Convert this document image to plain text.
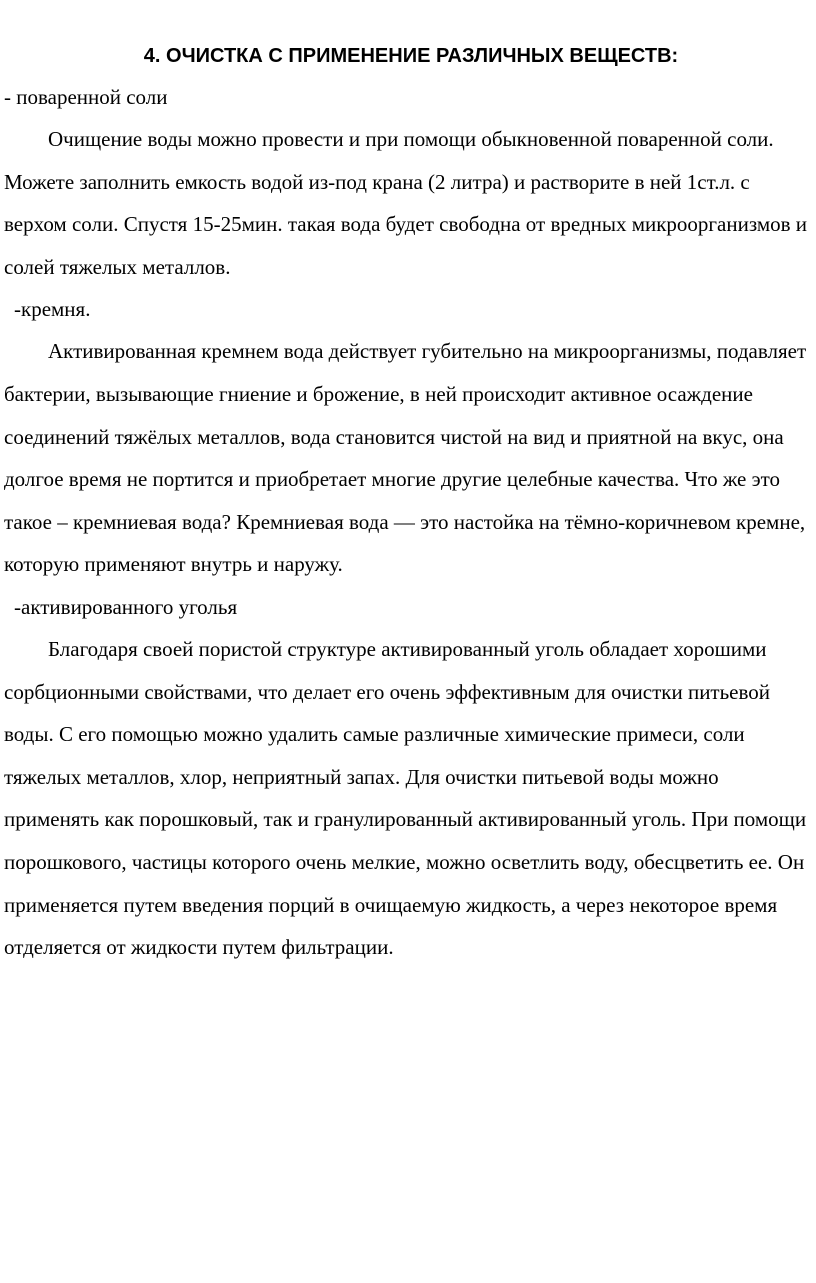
4. ОЧИСТКА С ПРИМЕНЕНИЕ РАЗЛИЧНЫХ ВЕЩЕСТВ:

- поваренной соли

Очищение воды можно провести и при помощи обыкновенной поваренной соли. Можете заполнить емкость водой из-под крана (2 литра) и растворите в ней 1ст.л. с верхом соли. Спустя 15-25мин. такая вода будет свободна от вредных микроорганизмов и солей тяжелых металлов.

-кремня.

Активированная кремнем вода действует губительно на микроорганизмы, подавляет бактерии, вызывающие гниение и брожение, в ней происходит активное осаждение соединений тяжёлых металлов, вода становится чистой на вид и приятной на вкус, она долгое время не портится и приобретает многие другие целебные качества. Что же это такое – кремниевая вода? Кремниевая вода — это настойка на тёмно-коричневом кремне, которую применяют внутрь и наружу.

-активированного уголья

Благодаря своей пористой структуре активированный уголь обладает хорошими сорбционными свойствами, что делает его очень эффективным для очистки питьевой воды. С его помощью можно удалить самые различные химические примеси, соли тяжелых металлов, хлор, неприятный запах. Для очистки питьевой воды можно применять как порошковый, так и гранулированный активированный уголь. При помощи порошкового, частицы которого очень мелкие, можно осветлить воду, обесцветить ее. Он применяется путем введения порций в очищаемую жидкость, а через некоторое время отделяется от жидкости путем фильтрации.
